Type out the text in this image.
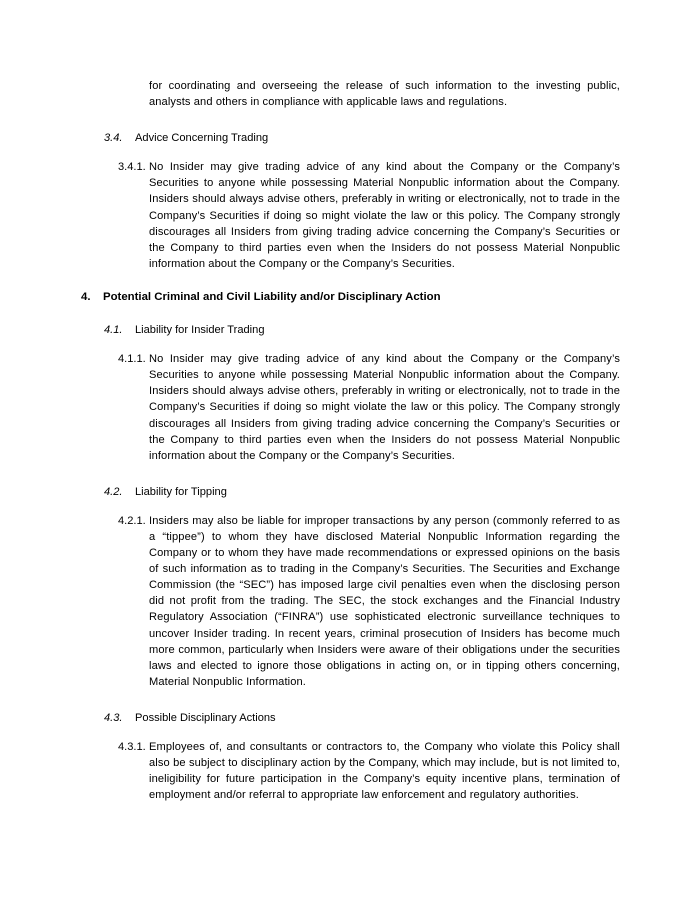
for coordinating and overseeing the release of such information to the investing public, analysts and others in compliance with applicable laws and regulations.

3.4.	Advice Concerning Trading
3.4.1. No Insider may give trading advice of any kind about the Company or the Company’s Securities to anyone while possessing Material Nonpublic information about the Company. Insiders should always advise others, preferably in writing or electronically, not to trade in the Company’s Securities if doing so might violate the law or this policy. The Company strongly discourages all Insiders from giving trading advice concerning the Company’s Securities or the Company to third parties even when the Insiders do not possess Material Nonpublic information about the Company or the Company’s Securities.
4.	Potential Criminal and Civil Liability and/or Disciplinary Action
4.1.	Liability for Insider Trading
4.1.1. No Insider may give trading advice of any kind about the Company or the Company’s Securities to anyone while possessing Material Nonpublic information about the Company. Insiders should always advise others, preferably in writing or electronically, not to trade in the Company’s Securities if doing so might violate the law or this policy. The Company strongly discourages all Insiders from giving trading advice concerning the Company’s Securities or the Company to third parties even when the Insiders do not possess Material Nonpublic information about the Company or the Company’s Securities.
4.2.	Liability for Tipping
4.2.1. Insiders may also be liable for improper transactions by any person (commonly referred to as a “tippee”) to whom they have disclosed Material Nonpublic Information regarding the Company or to whom they have made recommendations or expressed opinions on the basis of such information as to trading in the Company’s Securities. The Securities and Exchange Commission (the “SEC”) has imposed large civil penalties even when the disclosing person did not profit from the trading. The SEC, the stock exchanges and the Financial Industry Regulatory Association (“FINRA”) use sophisticated electronic surveillance techniques to uncover Insider trading. In recent years, criminal prosecution of Insiders has become much more common, particularly when Insiders were aware of their obligations under the securities laws and elected to ignore those obligations in acting on, or in tipping others concerning, Material Nonpublic Information.
4.3.	Possible Disciplinary Actions
4.3.1. Employees of, and consultants or contractors to, the Company who violate this Policy shall also be subject to disciplinary action by the Company, which may include, but is not limited to, ineligibility for future participation in the Company’s equity incentive plans, termination of employment and/or referral to appropriate law enforcement and regulatory authorities.
